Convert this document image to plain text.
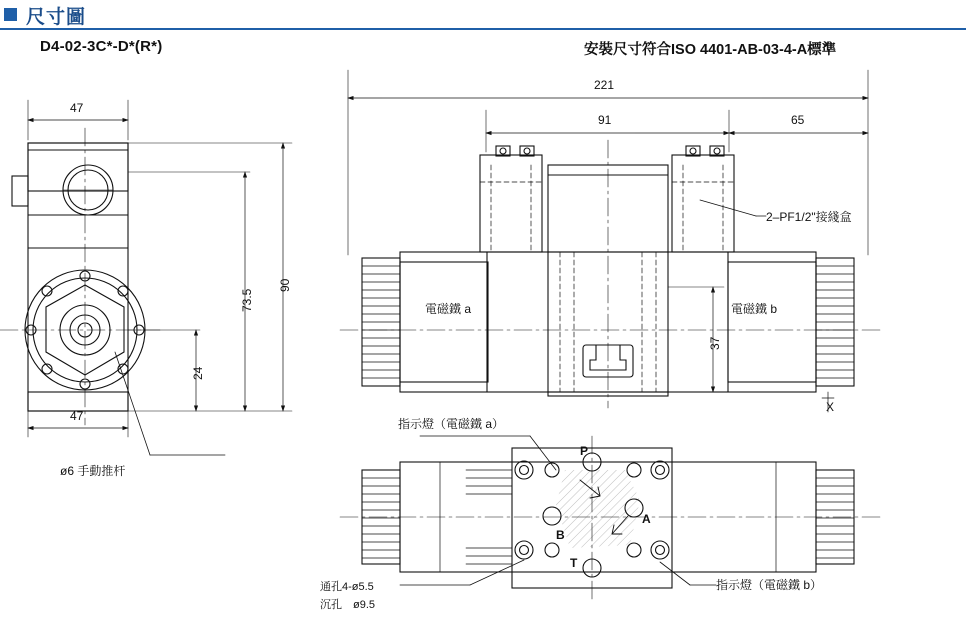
尺寸圖
D4-02-3C*-D*(R*)	安裝尺寸符合ISO 4401-AB-03-4-A標準
47
47
90
73.5
24
ø6 手動推杆
221
91	65
37
電磁鐵 a	電磁鐵 b
2–PF1/2"接綫盒
X
指示燈（電磁鐵 a）
指示燈（電磁鐵 b）
通孔4-ø5.5
沉孔　ø9.5
P
A
B
T
